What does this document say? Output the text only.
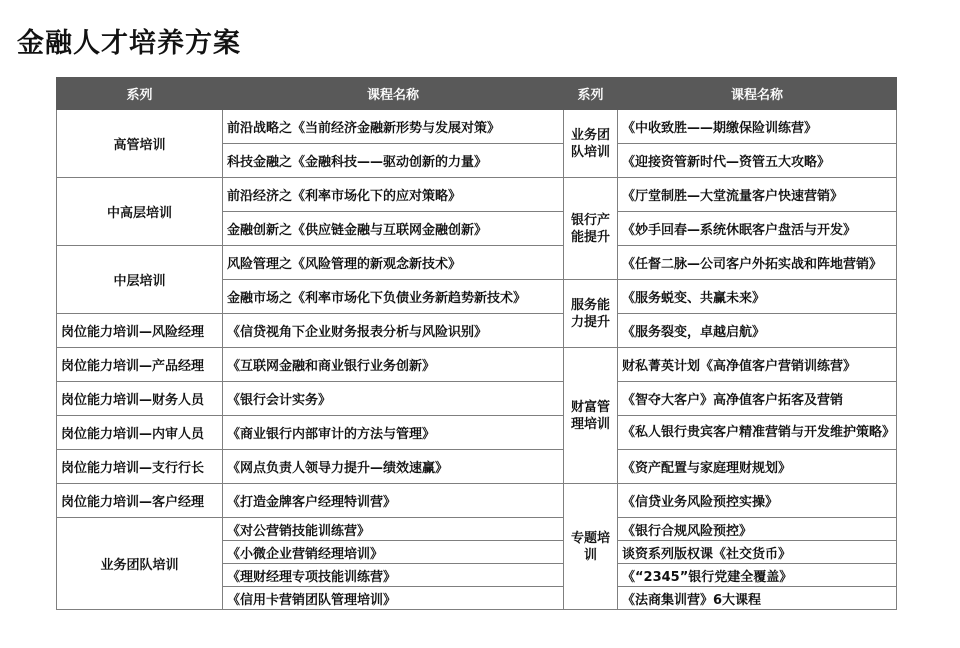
金融人才培养方案
系列	课程名称	系列	课程名称
高管培训	前沿战略之《当前经济金融新形势与发展对策》	业务团队培训	《中收致胜——期缴保险训练营》
	科技金融之《金融科技——驱动创新的力量》		《迎接资管新时代—资管五大攻略》
中高层培训	前沿经济之《利率市场化下的应对策略》	银行产能提升	《厅堂制胜—大堂流量客户快速营销》
	金融创新之《供应链金融与互联网金融创新》		《妙手回春—系统休眠客户盘活与开发》
中层培训	风险管理之《风险管理的新观念新技术》		《任督二脉—公司客户外拓实战和阵地营销》
	金融市场之《利率市场化下负债业务新趋势新技术》	服务能力提升	《服务蜕变、共赢未来》
岗位能力培训—风险经理	《信贷视角下企业财务报表分析与风险识别》		《服务裂变，卓越启航》
岗位能力培训—产品经理	《互联网金融和商业银行业务创新》	财富管理培训	财私菁英计划《高净值客户营销训练营》
岗位能力培训—财务人员	《银行会计实务》		《智夺大客户》高净值客户拓客及营销
岗位能力培训—内审人员	《商业银行内部审计的方法与管理》		《私人银行贵宾客户精准营销与开发维护策略》
岗位能力培训—支行行长	《网点负责人领导力提升—绩效速赢》		《资产配置与家庭理财规划》
岗位能力培训—客户经理	《打造金牌客户经理特训营》	专题培训	《信贷业务风险预控实操》
业务团队培训	《对公营销技能训练营》		《银行合规风险预控》
	《小微企业营销经理培训》		谈资系列版权课《社交货币》
	《理财经理专项技能训练营》		《“2345”银行党建全覆盖》
	《信用卡营销团队管理培训》		《法商集训营》6大课程
